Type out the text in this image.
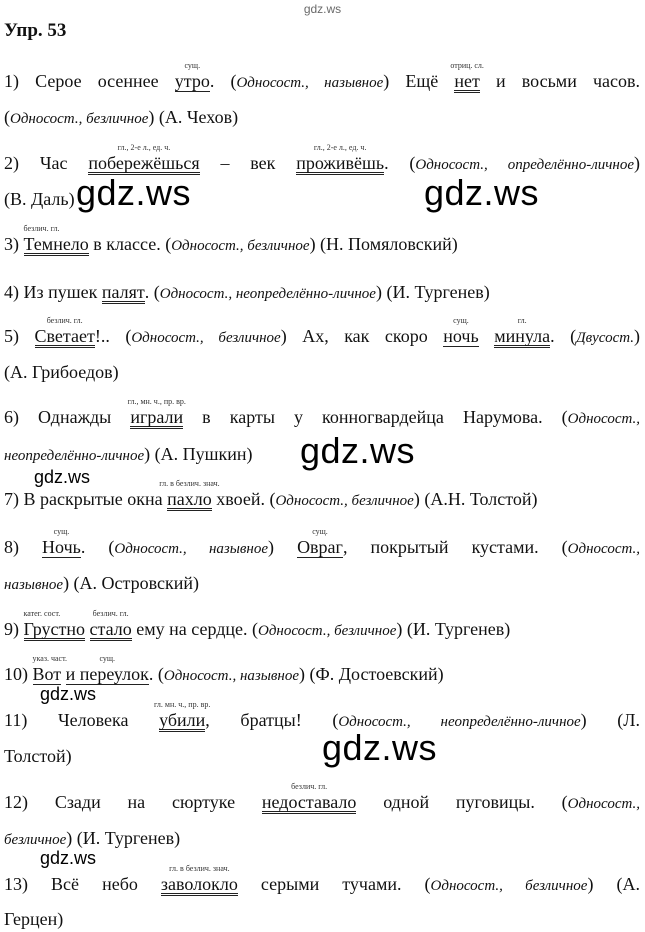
gdz.ws
Упр. 53
1) Серое осеннее
сущ.
утро. (Односост., назывное) Ещё
отриц. сл.
нет и восьми часов.
(Односост., безличное) (А. Чехов)
2) Час
гл., 2-е л., ед. ч.
побережёшься – век
гл., 2-е л., ед. ч.
проживёшь. (Односост., определённо-личное)
(В. Даль)
3)
безлич. гл.
Темнело в классе. (Односост., безличное) (Н. Помяловский)
4) Из пушек палят. (Односост., неопределённо-личное) (И. Тургенев)
5)
безлич. гл.
Светает!.. (Односост., безличное) Ах, как скоро
сущ.
ночь
гл.
минула. (Двусост.)
(А. Грибоедов)
6) Однажды
гл., мн. ч., пр. вр.
играли в карты у конногвардейца Нарумова. (Односост.,
неопределённо-личное) (А. Пушкин)
7) В раскрытые окна
гл. в безлич. знач.
пахло хвоей. (Односост., безличное) (А.Н. Толстой)
8)
сущ.
Ночь. (Односост., назывное)
сущ.
Овраг, покрытый кустами. (Односост.,
назывное) (А. Островский)
9)
катег. сост.
Грустно
безлич. гл.
стало ему на сердце. (Односост., безличное) (И. Тургенев)
10)
указ. част.
Вот
сущ.
и переулок. (Односост., назывное) (Ф. Достоевский)
11) Человека
гл. мн. ч., пр. вр.
убили, братцы! (Односост., неопределённо-личное) (Л.
Толстой)
12) Сзади на сюртуке
безлич. гл.
недоставало одной пуговицы. (Односост.,
безличное) (И. Тургенев)
13) Всё небо
гл. в безлич. знач.
заволокло серыми тучами. (Односост., безличное) (А.
Герцен)
gdz.ws	gdz.ws
gdz.ws
gdz.ws
gdz.ws
gdz.ws
gdz.ws
